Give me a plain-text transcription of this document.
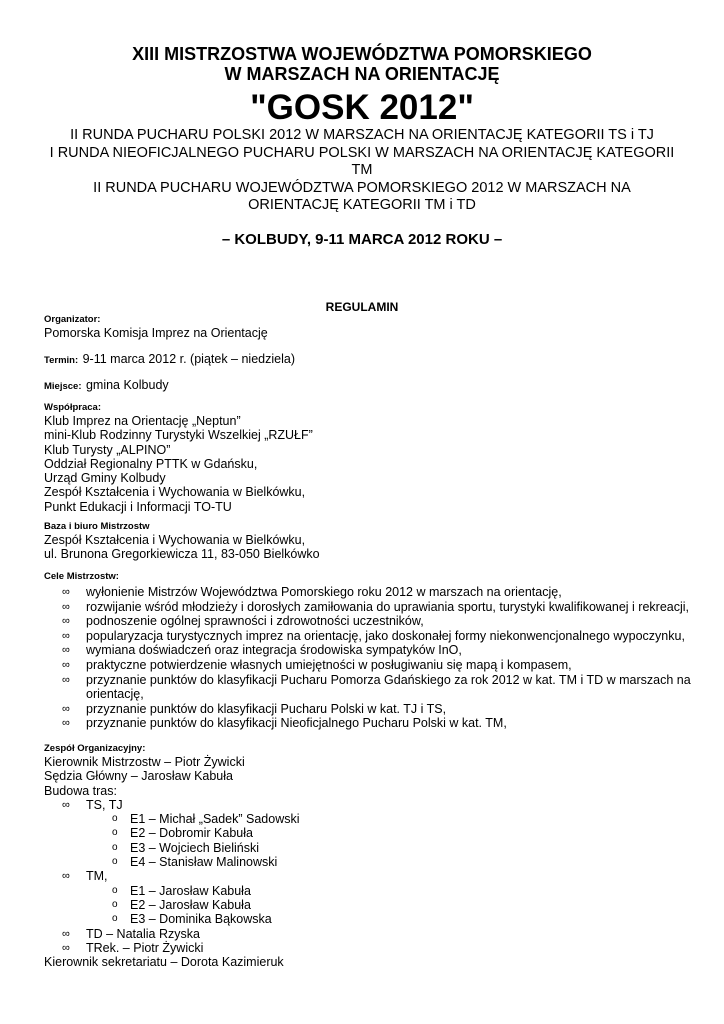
XIII MISTRZOSTWA WOJEWÓDZTWA POMORSKIEGO
W MARSZACH NA ORIENTACJĘ
"GOSK 2012"
II RUNDA PUCHARU POLSKI 2012 W MARSZACH NA ORIENTACJĘ KATEGORII TS i TJ
I RUNDA NIEOFICJALNEGO PUCHARU POLSKI W MARSZACH NA ORIENTACJĘ KATEGORII
TM
II RUNDA PUCHARU WOJEWÓDZTWA POMORSKIEGO 2012 W MARSZACH NA
ORIENTACJĘ KATEGORII TM i TD
– KOLBUDY, 9-11 MARCA 2012 ROKU –
REGULAMIN
Organizator:
Pomorska Komisja Imprez na Orientację
Termin: 9-11 marca 2012 r. (piątek – niedziela)
Miejsce: gmina Kolbudy
Współpraca:
Klub Imprez na Orientację „Neptun”
mini-Klub Rodzinny Turystyki Wszelkiej „RZUŁF”
Klub Turysty „ALPINO”
Oddział Regionalny PTTK w Gdańsku,
Urząd Gminy Kolbudy
Zespół Kształcenia i Wychowania w Bielkówku,
Punkt Edukacji i Informacji TO-TU
Baza i biuro Mistrzostw
Zespół Kształcenia i Wychowania w Bielkówku,
ul. Brunona Gregorkiewicza 11, 83-050 Bielkówko
Cele Mistrzostw:
∞ wyłonienie Mistrzów Województwa Pomorskiego roku 2012 w marszach na orientację,
∞ rozwijanie wśród młodzieży i dorosłych zamiłowania do uprawiania sportu, turystyki kwalifikowanej i rekreacji,
∞ podnoszenie ogólnej sprawności i zdrowotności uczestników,
∞ popularyzacja turystycznych imprez na orientację, jako doskonałej formy niekonwencjonalnego wypoczynku,
∞ wymiana doświadczeń oraz integracja środowiska sympatyków InO,
∞ praktyczne potwierdzenie własnych umiejętności w posługiwaniu się mapą i kompasem,
∞ przyznanie punktów do klasyfikacji Pucharu Pomorza Gdańskiego za rok 2012 w kat. TM i TD w marszach na
orientację,
∞ przyznanie punktów do klasyfikacji Pucharu Polski w kat. TJ i TS,
∞ przyznanie punktów do klasyfikacji Nieoficjalnego Pucharu Polski w kat. TM,
Zespół Organizacyjny:
Kierownik Mistrzostw – Piotr Żywicki
Sędzia Główny – Jarosław Kabuła
Budowa tras:
∞ TS, TJ
o E1 – Michał „Sadek” Sadowski
o E2 – Dobromir Kabuła
o E3 – Wojciech Bieliński
o E4 – Stanisław Malinowski
∞ TM,
o E1 – Jarosław Kabuła
o E2 – Jarosław Kabuła
o E3 – Dominika Bąkowska
∞ TD – Natalia Rzyska
∞ TRek. – Piotr Żywicki
Kierownik sekretariatu – Dorota Kazimieruk
